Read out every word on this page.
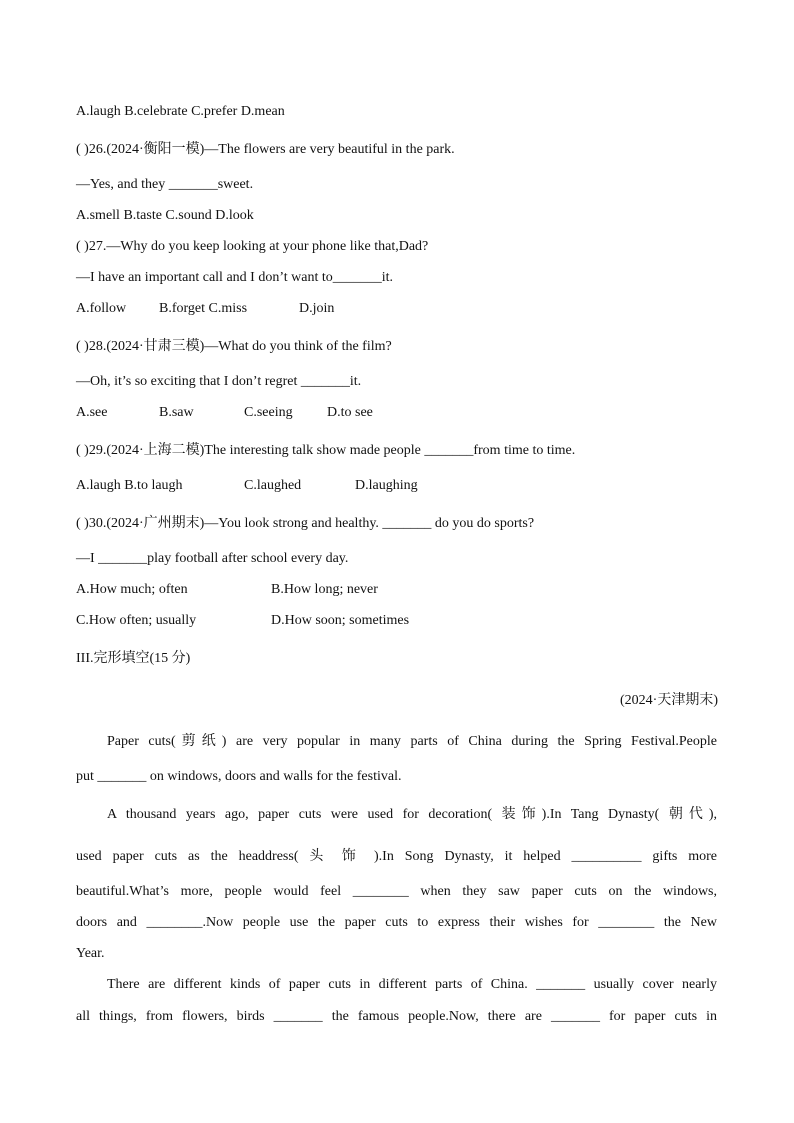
A.laugh B.celebrate C.prefer D.mean
( )26.(2024·衡阳一模)—The flowers are very beautiful in the park.
—Yes, and they _______sweet.
A.smell B.taste C.sound D.look
( )27.—Why do you keep looking at your phone like that,Dad?
—I have an important call and I don’t want to_______it.
A.follow B.forget C.miss	D.join
( )28.(2024·甘肃三模)—What do you think of the film?
—Oh, it’s so exciting that I don’t regret _______it.
A.see	B.saw	C.seeing D.to see
( )29.(2024·上海二模)The interesting talk show made people _______from time to time.
A.laugh B.to laugh	C.laughed	D.laughing
( )30.(2024·广州期末)—You look strong and healthy. _______ do you do sports?
—I _______play football after school every day.
A.How much; often	B.How long; never
C.How often; usually	D.How soon; sometimes
III.完形填空(15 分)
(2024·天津期末)
Paper cuts(剪纸) are very popular in many parts of China during the Spring Festival.People
put _______ on windows, doors and walls for the festival.
A thousand years ago, paper cuts were used for decoration( 装饰).In Tang Dynasty( 朝代),
used paper cuts as the headdress( 头 饰 ).In Song Dynasty, it helped __________ gifts more
beautiful.What’s more, people would feel ________ when they saw paper cuts on the windows,
doors and ________.Now people use the paper cuts to express their wishes for ________ the New
Year.
There are different kinds of paper cuts in different parts of China. _______ usually cover nearly
all things, from flowers, birds _______ the famous people.Now, there are _______ for paper cuts in
